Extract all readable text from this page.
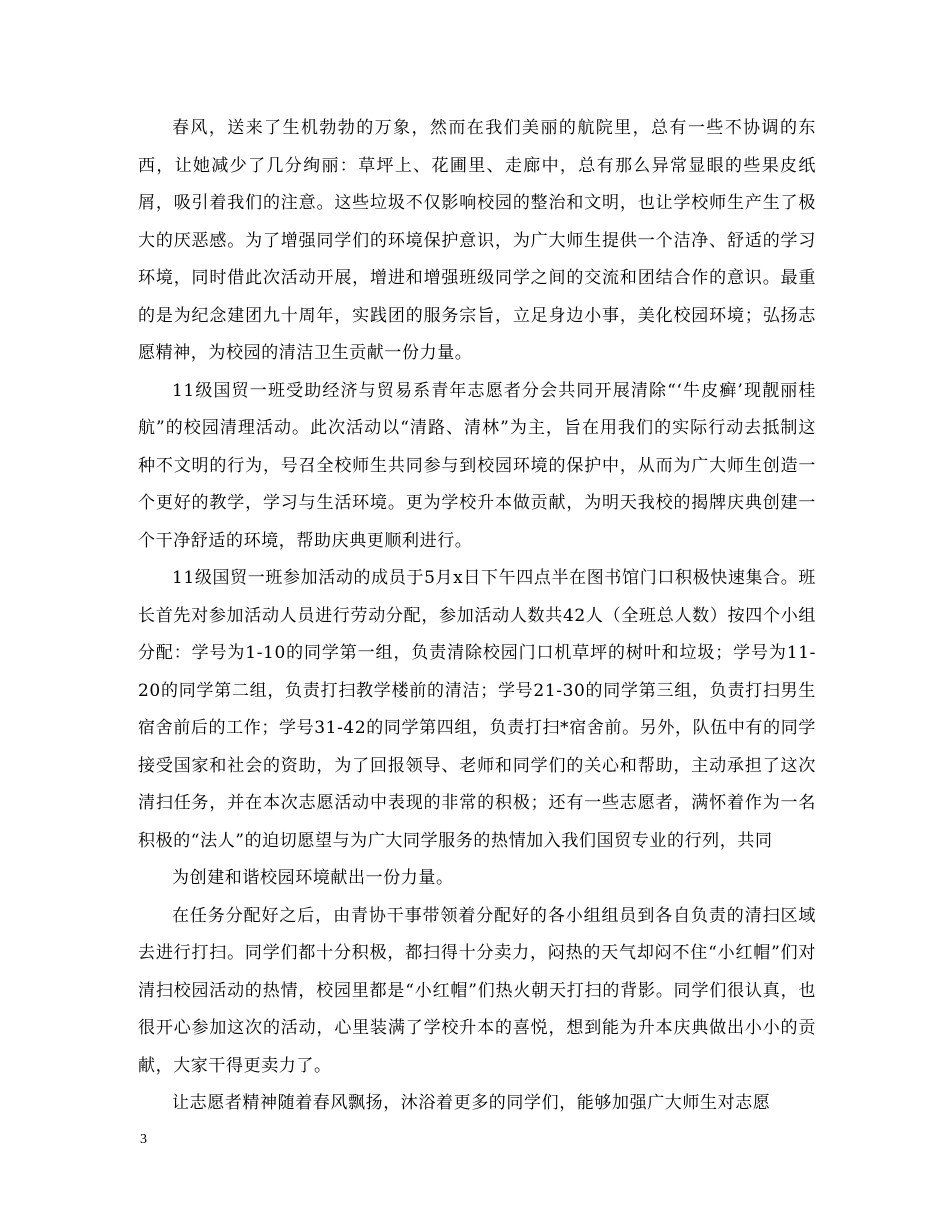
春风，送来了生机勃勃的万象，然而在我们美丽的航院里，总有一些不协调的东西，让她减少了几分绚丽：草坪上、花圃里、走廊中，总有那么异常显眼的些果皮纸屑，吸引着我们的注意。这些垃圾不仅影响校园的整治和文明，也让学校师生产生了极大的厌恶感。为了增强同学们的环境保护意识，为广大师生提供一个洁净、舒适的学习环境，同时借此次活动开展，增进和增强班级同学之间的交流和团结合作的意识。最重的是为纪念建团九十周年，实践团的服务宗旨，立足身边小事，美化校园环境；弘扬志愿精神，为校园的清洁卫生贡献一份力量。

11级国贸一班受助经济与贸易系青年志愿者分会共同开展清除“‘牛皮癣’现靓丽桂航”的校园清理活动。此次活动以“清路、清林”为主，旨在用我们的实际行动去抵制这种不文明的行为，号召全校师生共同参与到校园环境的保护中，从而为广大师生创造一个更好的教学，学习与生活环境。更为学校升本做贡献，为明天我校的揭牌庆典创建一个干净舒适的环境，帮助庆典更顺利进行。

11级国贸一班参加活动的成员于5月x日下午四点半在图书馆门口积极快速集合。班长首先对参加活动人员进行劳动分配，参加活动人数共42人（全班总人数）按四个小组分配：学号为1-10的同学第一组，负责清除校园门口机草坪的树叶和垃圾；学号为11-20的同学第二组，负责打扫教学楼前的清洁；学号21-30的同学第三组，负责打扫男生宿舍前后的工作；学号31-42的同学第四组，负责打扫*宿舍前。另外，队伍中有的同学接受国家和社会的资助，为了回报领导、老师和同学们的关心和帮助，主动承担了这次清扫任务，并在本次志愿活动中表现的非常的积极；还有一些志愿者，满怀着作为一名积极的“法人”的迫切愿望与为广大同学服务的热情加入我们国贸专业的行列，共同

为创建和谐校园环境献出一份力量。

在任务分配好之后，由青协干事带领着分配好的各小组组员到各自负责的清扫区域去进行打扫。同学们都十分积极，都扫得十分卖力，闷热的天气却闷不住“小红帽”们对清扫校园活动的热情，校园里都是“小红帽”们热火朝天打扫的背影。同学们很认真，也很开心参加这次的活动，心里装满了学校升本的喜悦，想到能为升本庆典做出小小的贡献，大家干得更卖力了。

让志愿者精神随着春风飘扬，沐浴着更多的同学们，能够加强广大师生对志愿

3
